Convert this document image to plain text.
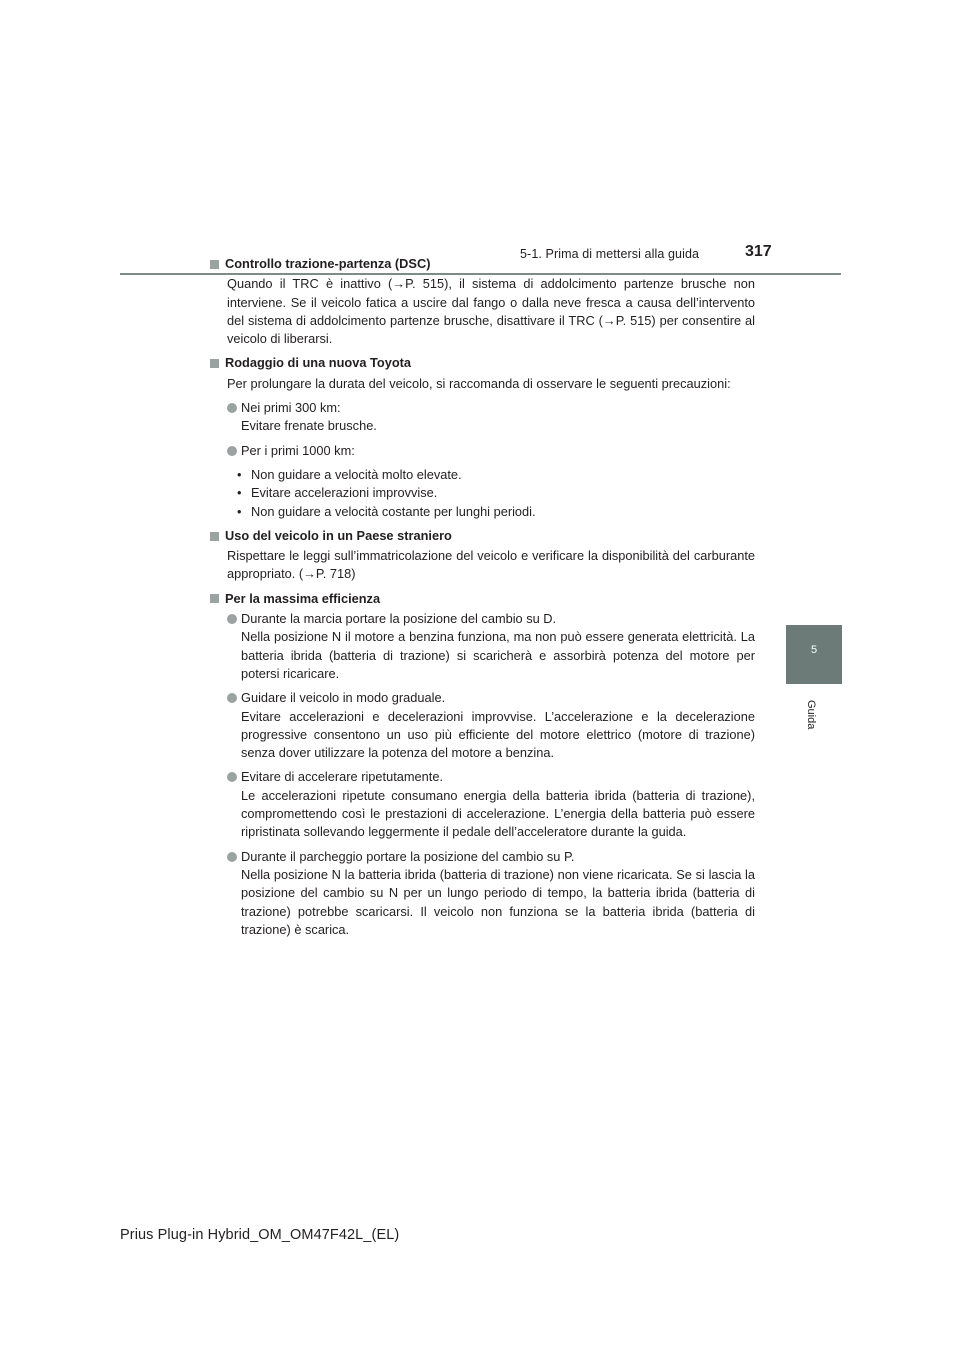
5-1. Prima di mettersi alla guida	317
5
Guida
Controllo trazione-partenza (DSC)
Quando il TRC è inattivo (→P. 515), il sistema di addolcimento partenze brusche non interviene. Se il veicolo fatica a uscire dal fango o dalla neve fresca a causa dell’intervento del sistema di addolcimento partenze brusche, disattivare il TRC (→P. 515) per consentire al veicolo di liberarsi.
Rodaggio di una nuova Toyota
Per prolungare la durata del veicolo, si raccomanda di osservare le seguenti precauzioni:
Nei primi 300 km:
Evitare frenate brusche.
Per i primi 1000 km:
• Non guidare a velocità molto elevate.
• Evitare accelerazioni improvvise.
• Non guidare a velocità costante per lunghi periodi.
Uso del veicolo in un Paese straniero
Rispettare le leggi sull’immatricolazione del veicolo e verificare la disponibilità del carburante appropriato. (→P. 718)
Per la massima efficienza
Durante la marcia portare la posizione del cambio su D.
Nella posizione N il motore a benzina funziona, ma non può essere generata elettricità. La batteria ibrida (batteria di trazione) si scaricherà e assorbirà potenza del motore per potersi ricaricare.
Guidare il veicolo in modo graduale.
Evitare accelerazioni e decelerazioni improvvise. L’accelerazione e la decelerazione progressive consentono un uso più efficiente del motore elettrico (motore di trazione) senza dover utilizzare la potenza del motore a benzina.
Evitare di accelerare ripetutamente.
Le accelerazioni ripetute consumano energia della batteria ibrida (batteria di trazione), compromettendo così le prestazioni di accelerazione. L’energia della batteria può essere ripristinata sollevando leggermente il pedale dell’acceleratore durante la guida.
Durante il parcheggio portare la posizione del cambio su P.
Nella posizione N la batteria ibrida (batteria di trazione) non viene ricaricata. Se si lascia la posizione del cambio su N per un lungo periodo di tempo, la batteria ibrida (batteria di trazione) potrebbe scaricarsi. Il veicolo non funziona se la batteria ibrida (batteria di trazione) è scarica.
Prius Plug-in Hybrid_OM_OM47F42L_(EL)
